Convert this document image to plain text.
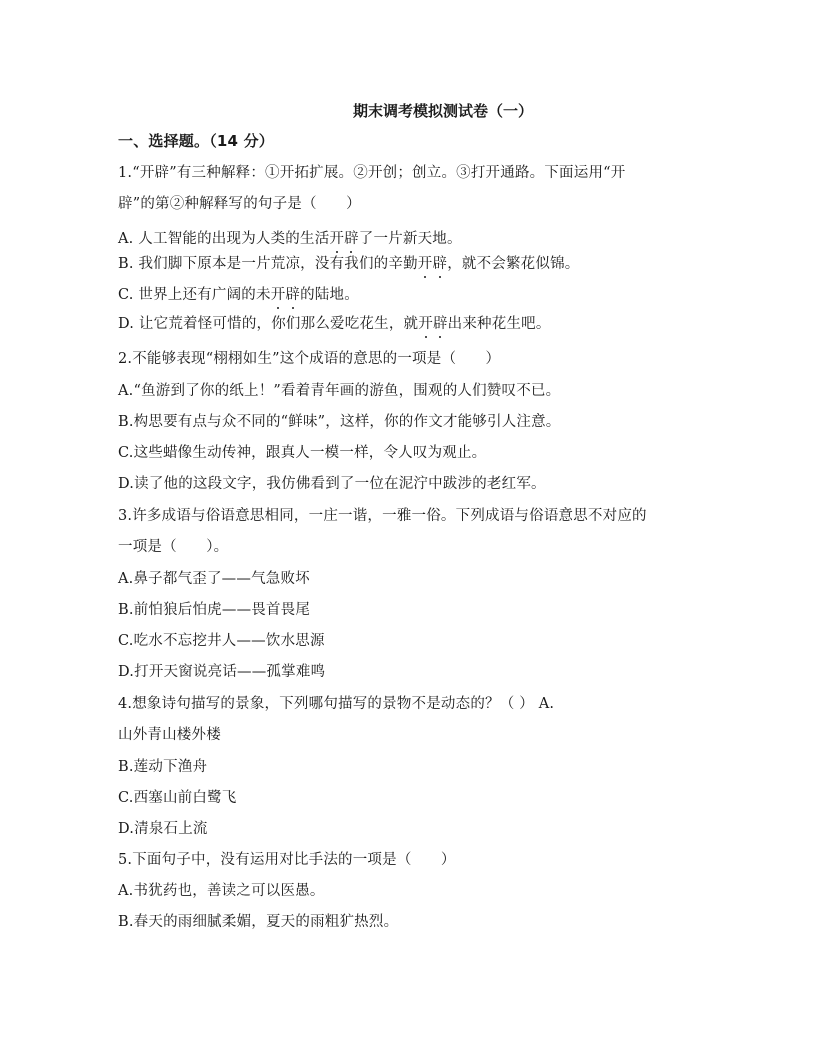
期末调考模拟测试卷（一）
一、选择题。（14 分）
1.“开辟”有三种解释：①开拓扩展。②开创；创立。③打开通路。下面运用“开
辟”的第②种解释写的句子是（　　）
A. 人工智能的出现为人类的生活开辟了一片新天地。
B. 我们脚下原本是一片荒凉，没有我们的辛勤开辟，就不会繁花似锦。
C. 世界上还有广阔的未开辟的陆地。
D. 让它荒着怪可惜的，你们那么爱吃花生，就开辟出来种花生吧。
2.不能够表现“栩栩如生”这个成语的意思的一项是（　　）
A.“鱼游到了你的纸上！”看着青年画的游鱼，围观的人们赞叹不已。
B.构思要有点与众不同的“鲜味”，这样，你的作文才能够引人注意。
C.这些蜡像生动传神，跟真人一模一样，令人叹为观止。
D.读了他的这段文字，我仿佛看到了一位在泥泞中跋涉的老红军。
3.许多成语与俗语意思相同，一庄一谐，一雅一俗。下列成语与俗语意思不对应的
一项是（　　）。
A.鼻子都气歪了——气急败坏
B.前怕狼后怕虎——畏首畏尾
C.吃水不忘挖井人——饮水思源
D.打开天窗说亮话——孤掌难鸣
4.想象诗句描写的景象，下列哪句描写的景物不是动态的？（ ） A.
山外青山楼外楼
B.莲动下渔舟
C.西塞山前白鹭飞
D.清泉石上流
5.下面句子中，没有运用对比手法的一项是（　　）
A.书犹药也，善读之可以医愚。
B.春天的雨细腻柔媚，夏天的雨粗犷热烈。
